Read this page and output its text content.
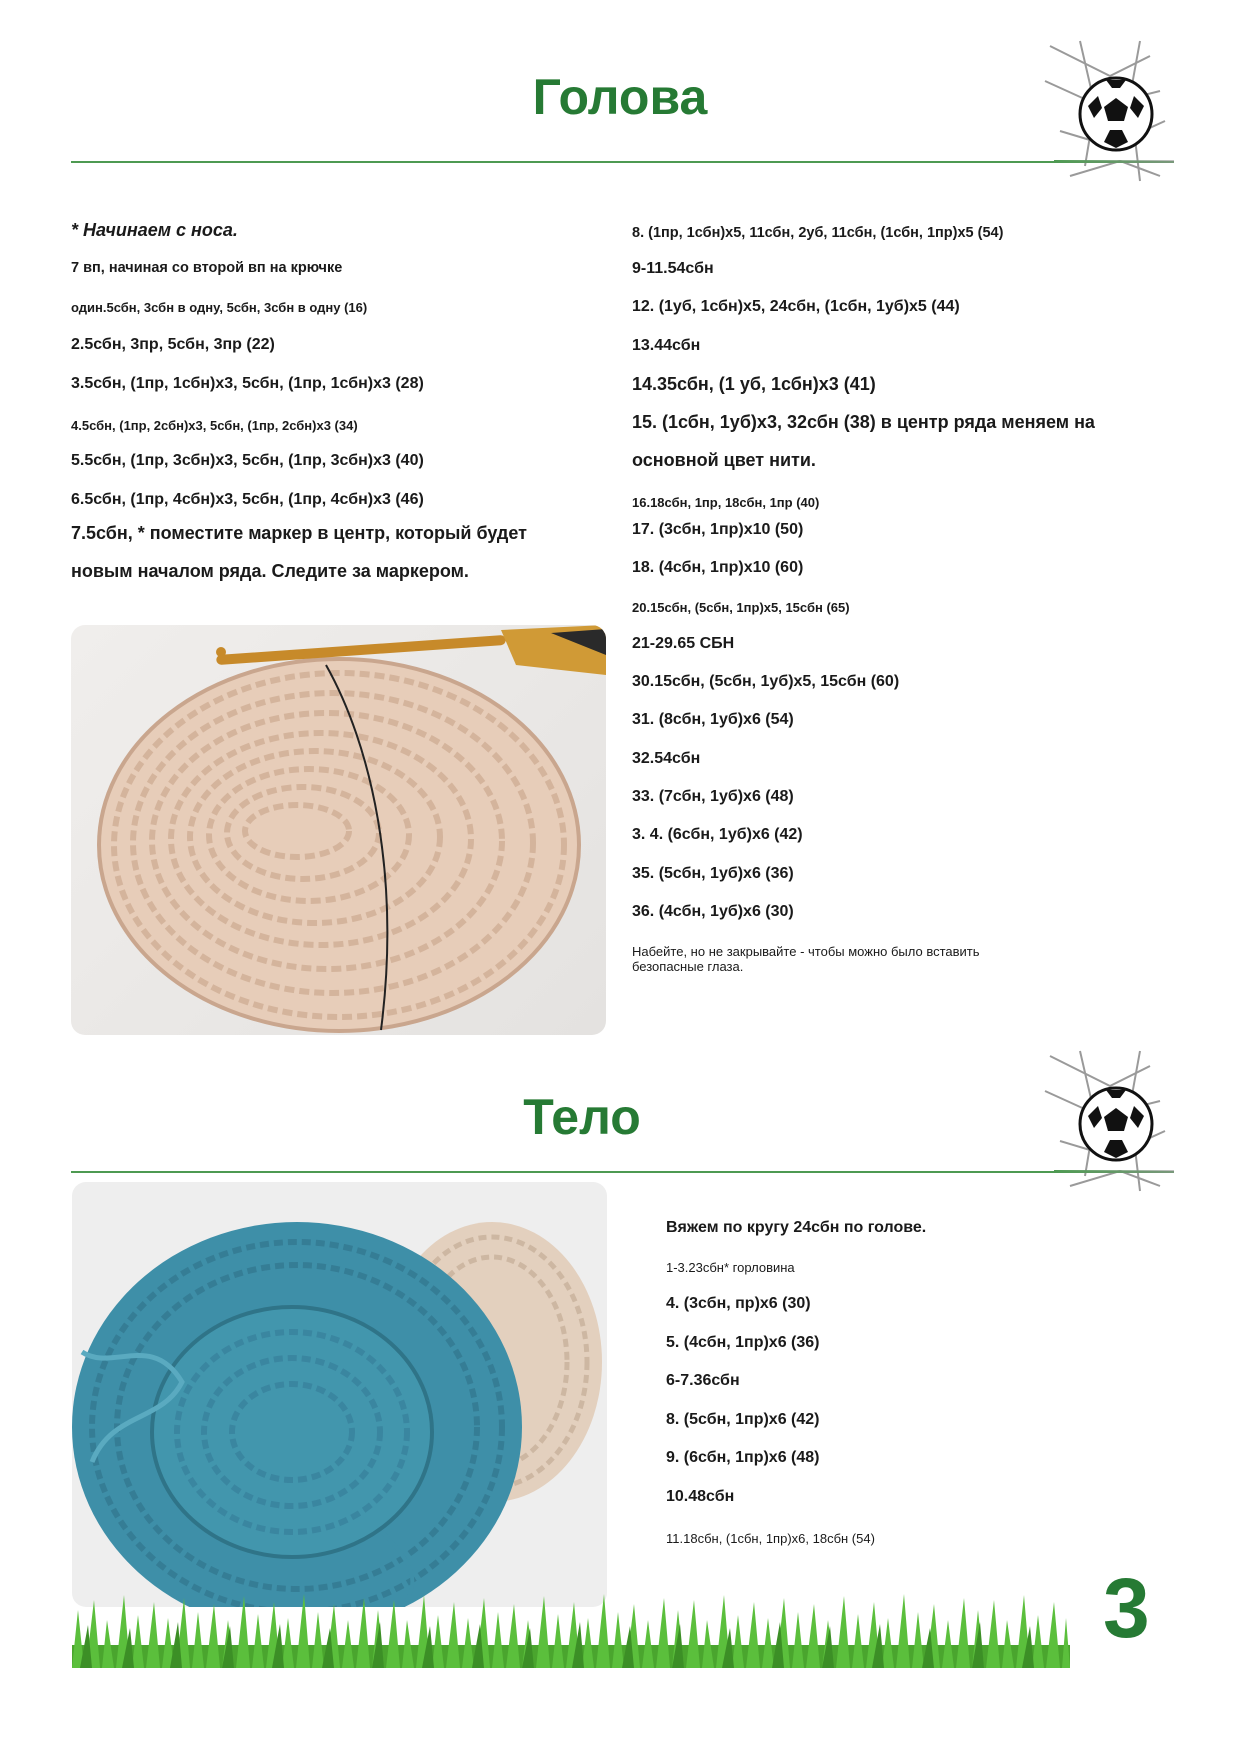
Голова
* Начинаем с носа.
7 вп, начиная со второй вп на крючке
один.5сбн, 3сбн в одну, 5сбн, 3сбн в одну (16)
2.5сбн, 3пр, 5сбн, 3пр (22)
3.5сбн, (1пр, 1сбн)х3, 5сбн, (1пр, 1сбн)х3 (28)
4.5сбн, (1пр, 2сбн)х3, 5сбн, (1пр, 2сбн)х3 (34)
5.5сбн, (1пр, 3сбн)х3, 5сбн, (1пр, 3сбн)х3 (40)
6.5сбн, (1пр, 4сбн)х3, 5сбн, (1пр, 4сбн)х3 (46)
7.5сбн, * поместите маркер в центр, который будет
новым началом ряда. Следите за маркером.
8. (1пр, 1сбн)х5, 11сбн, 2уб, 11сбн, (1сбн, 1пр)х5 (54)
9-11.54сбн
12. (1уб, 1сбн)х5, 24сбн, (1сбн, 1уб)х5 (44)
13.44сбн
14.35сбн, (1 уб, 1сбн)х3 (41)
15. (1сбн, 1уб)х3, 32сбн (38) в центр ряда меняем на
основной цвет нити.
16.18сбн, 1пр, 18сбн, 1пр (40)
17. (3сбн, 1пр)х10 (50)
18. (4сбн, 1пр)х10 (60)
20.15сбн, (5сбн, 1пр)х5, 15сбн (65)
21-29.65 СБН
30.15сбн, (5сбн, 1уб)х5, 15сбн (60)
31. (8сбн, 1уб)х6 (54)
32.54сбн
33. (7сбн, 1уб)х6 (48)
3. 4. (6сбн, 1уб)х6 (42)
35. (5сбн, 1уб)х6 (36)
36. (4сбн, 1уб)х6 (30)
Набейте, но не закрывайте - чтобы можно было вставить
безопасные глаза.
Тело
Вяжем по кругу 24сбн по голове.
1-3.23сбн* горловина
4. (3сбн, пр)х6 (30)
5. (4сбн, 1пр)х6 (36)
6-7.36сбн
8. (5сбн, 1пр)х6 (42)
9. (6сбн, 1пр)х6 (48)
10.48сбн
11.18сбн, (1сбн, 1пр)х6, 18сбн (54)
3
